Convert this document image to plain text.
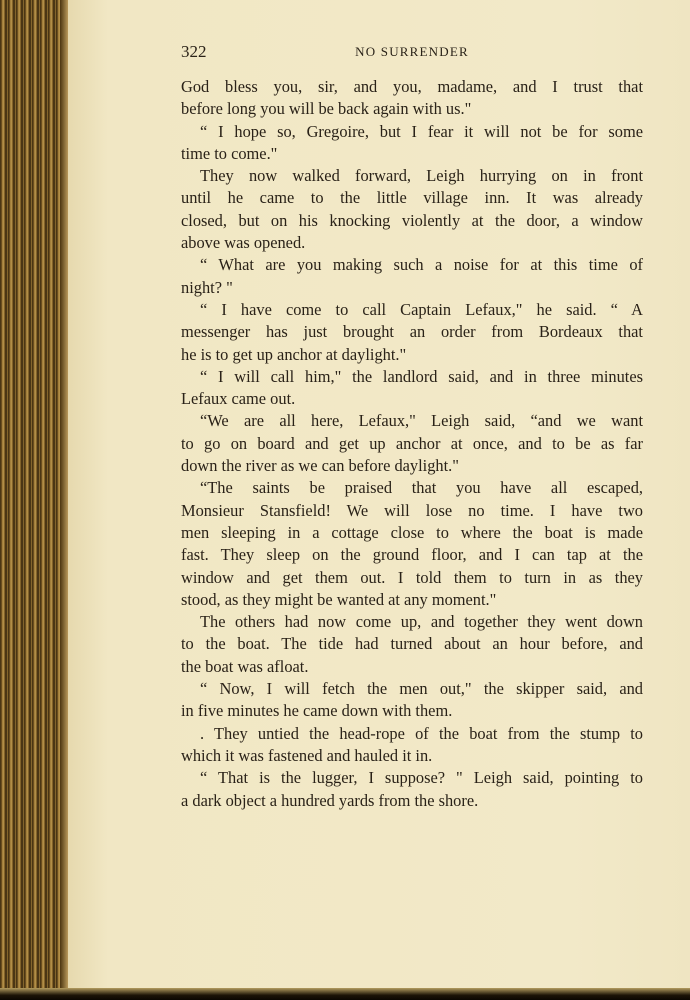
322	NO SURRENDER
God bless you, sir, and you, madame, and I trust that
before long you will be back again with us."
“ I hope so, Gregoire, but I fear it will not be for some
time to come."
They now walked forward, Leigh hurrying on in front
until he came to the little village inn. It was already
closed, but on his knocking violently at the door, a window
above was opened.
“ What are you making such a noise for at this time of
night? "
“ I have come to call Captain Lefaux," he said. “ A
messenger has just brought an order from Bordeaux that
he is to get up anchor at daylight."
“ I will call him," the landlord said, and in three minutes
Lefaux came out.
“We are all here, Lefaux," Leigh said, “and we want
to go on board and get up anchor at once, and to be as far
down the river as we can before daylight."
“The saints be praised that you have all escaped,
Monsieur Stansfield! We will lose no time. I have two
men sleeping in a cottage close to where the boat is made
fast. They sleep on the ground floor, and I can tap at the
window and get them out. I told them to turn in as they
stood, as they might be wanted at any moment."
The others had now come up, and together they went down
to the boat. The tide had turned about an hour before, and
the boat was afloat.
“ Now, I will fetch the men out," the skipper said, and
in five minutes he came down with them.
. They untied the head-rope of the boat from the stump to
which it was fastened and hauled it in.
“ That is the lugger, I suppose? " Leigh said, pointing to
a dark object a hundred yards from the shore.
